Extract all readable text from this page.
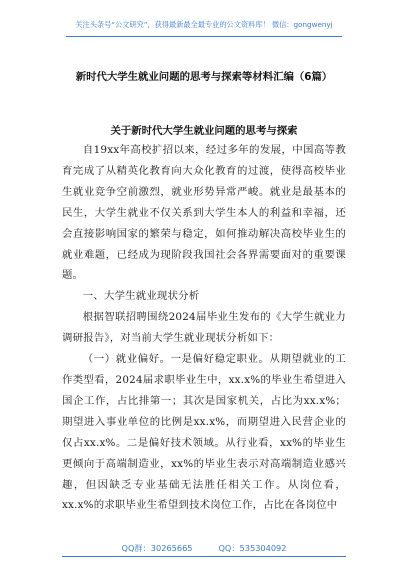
关注头条号“公文研究”，获得最新最全最专业的公文资料库！ 微信：gongwenyj
新时代大学生就业问题的思考与探索等材料汇编（6篇）
关于新时代大学生就业问题的思考与探索

自19xx年高校扩招以来，经过多年的发展，中国高等教育完成了从精英化教育向大众化教育的过渡，使得高校毕业生就业竞争空前激烈，就业形势异常严峻。就业是最基本的民生，大学生就业不仅关系到大学生本人的利益和幸福，还会直接影响国家的繁荣与稳定，如何推动解决高校毕业生的就业难题，已经成为现阶段我国社会各界需要面对的重要课题。

一、大学生就业现状分析

根据智联招聘围绕2024届毕业生发布的《大学生就业力调研报告》，对当前大学生就业现状分析如下：

（一）就业偏好。一是偏好稳定职业。从期望就业的工作类型看，2024届求职毕业生中，xx.x%的毕业生希望进入国企工作，占比排第一；其次是国家机关，占比为xx.x%；期望进入事业单位的比例是xx.x%，而期望进入民营企业的仅占xx.x%。二是偏好技术领域。从行业看，xx%的毕业生更倾向于高端制造业，xx%的毕业生表示对高端制造业感兴趣，但因缺乏专业基础无法胜任相关工作。从岗位看，xx.x%的求职毕业生希望到技术岗位工作，占比在各岗位中

QQ群：30265665	QQ：535304092
